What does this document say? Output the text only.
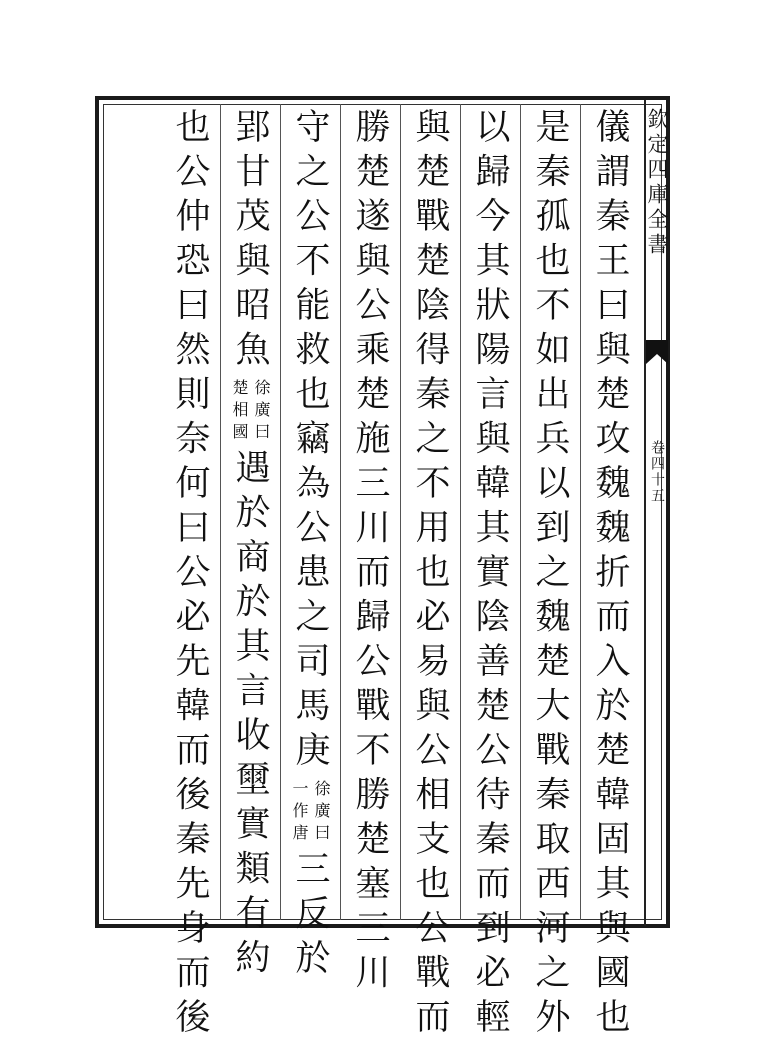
欽定四庫全書
卷四十五
儀謂秦王曰與楚攻魏魏折而入於楚韓固其與國也
是秦孤也不如出兵以到之魏楚大戰秦取西河之外
以歸今其狀陽言與韓其實陰善楚公待秦而到必輕
與楚戰楚陰得秦之不用也必易與公相支也公戰而
勝楚遂與公乘楚施三川而歸公戰不勝楚塞三川
守之公不能救也竊為公患之司馬庚
徐廣曰
一作唐
三反於
郢甘茂與昭魚
徐廣曰
楚相國
遇於商於其言收壐實類有約
也公仲恐曰然則奈何曰公必先韓而後秦先身而後
